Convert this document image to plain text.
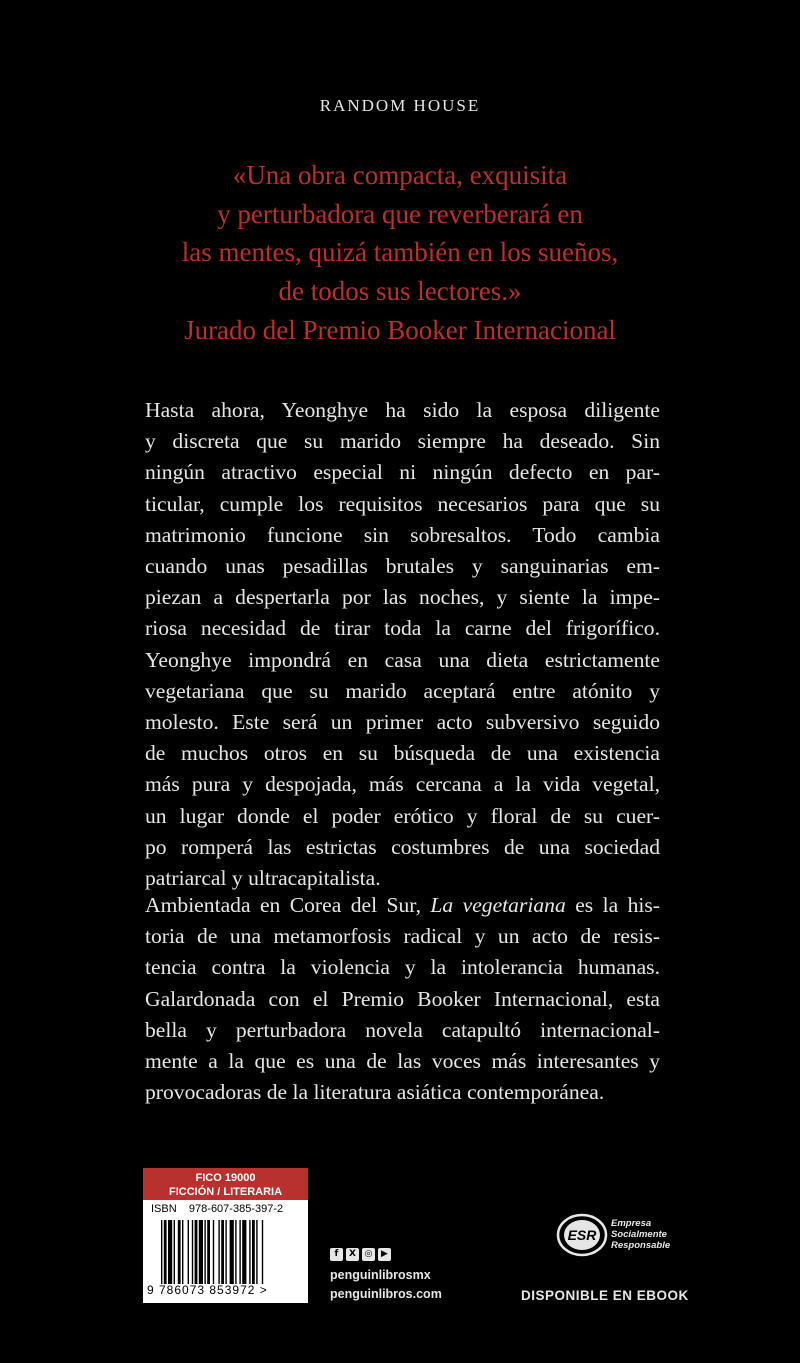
RANDOM HOUSE
«Una obra compacta, exquisita
y perturbadora que reverberará en
las mentes, quizá también en los sueños,
de todos sus lectores.»
Jurado del Premio Booker Internacional
Hasta ahora, Yeonghye ha sido la esposa diligente
y discreta que su marido siempre ha deseado. Sin
ningún atractivo especial ni ningún defecto en par-
ticular, cumple los requisitos necesarios para que su
matrimonio funcione sin sobresaltos. Todo cambia
cuando unas pesadillas brutales y sanguinarias em-
piezan a despertarla por las noches, y siente la impe-
riosa necesidad de tirar toda la carne del frigorífico.
Yeonghye impondrá en casa una dieta estrictamente
vegetariana que su marido aceptará entre atónito y
molesto. Este será un primer acto subversivo seguido
de muchos otros en su búsqueda de una existencia
más pura y despojada, más cercana a la vida vegetal,
un lugar donde el poder erótico y floral de su cuer-
po romperá las estrictas costumbres de una sociedad
patriarcal y ultracapitalista.
Ambientada en Corea del Sur, La vegetariana es la his-
toria de una metamorfosis radical y un acto de resis-
tencia contra la violencia y la intolerancia humanas.
Galardonada con el Premio Booker Internacional, esta
bella y perturbadora novela catapultó internacional-
mente a la que es una de las voces más interesantes y
provocadoras de la literatura asiática contemporánea.
FICO 19000
FICCIÓN / LITERARIA
ISBN 978-607-385-397-2
9 786073 853972 >
f	X ◎ ▶
penguinlibrosmx
penguinlibros.com
ESR
Empresa
Socialmente
Responsable
DISPONIBLE EN EBOOK
